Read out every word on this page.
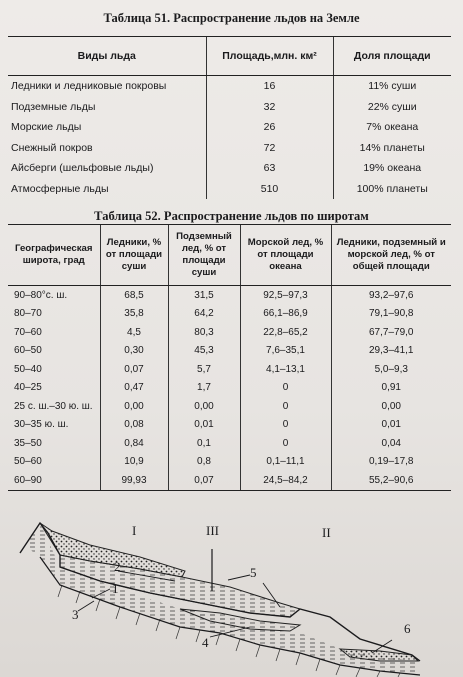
Таблица 51. Распространение льдов на Земле
Виды льда	Площадь,млн. км²	Доля площади
Ледники и ледниковые покровы	16	11% суши
Подземные льды	32	22% суши
Морские льды	26	7% океана
Снежный покров	72	14% планеты
Айсберги (шельфовые льды)	63	19% океана
Атмосферные льды	510	100% планеты
Таблица 52. Распространение льдов по широтам
Географическая широта, град	Ледники, % от площади суши	Подземный лед, % от площади суши	Морской лед, % от площади океана	Ледники, подземный и морской лед, % от общей площади
90–80°с. ш.	68,5	31,5	92,5–97,3	93,2–97,6
80–70	35,8	64,2	66,1–86,9	79,1–90,8
70–60	4,5	80,3	22,8–65,2	67,7–79,0
60–50	0,30	45,3	7,6–35,1	29,3–41,1
50–40	0,07	5,7	4,1–13,1	5,0–9,3
40–25	0,47	1,7	0	0,91
25 с. ш.–30 ю. ш.	0,00	0,00	0	0,00
30–35 ю. ш.	0,08	0,01	0	0,01
35–50	0,84	0,1	0	0,04
50–60	10,9	0,8	0,1–11,1	0,19–17,8
60–90	99,93	0,07	24,5–84,2	55,2–90,6
I	III	II
1
2
3
4
5
6
